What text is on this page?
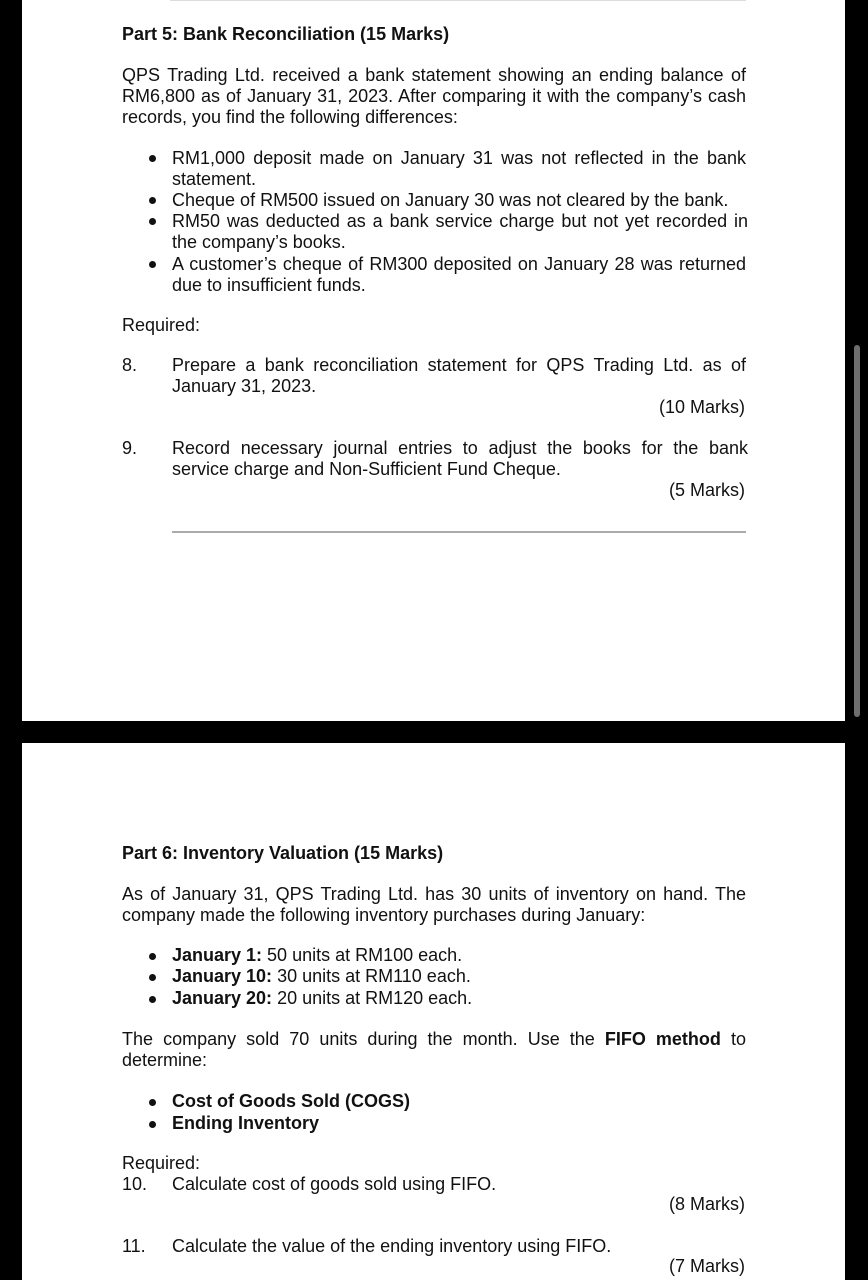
Part 5: Bank Reconciliation (15 Marks)
QPS Trading Ltd. received a bank statement showing an ending balance of RM6,800 as of January 31, 2023. After comparing it with the company’s cash records, you find the following differences:
RM1,000 deposit made on January 31 was not reflected in the bank statement.
Cheque of RM500 issued on January 30 was not cleared by the bank.
RM50 was deducted as a bank service charge but not yet recorded in the company’s books.
A customer’s cheque of RM300 deposited on January 28 was returned due to insufficient funds.
Required:
8. Prepare a bank reconciliation statement for QPS Trading Ltd. as of January 31, 2023.
(10 Marks)
9. Record necessary journal entries to adjust the books for the bank service charge and Non-Sufficient Fund Cheque.
(5 Marks)
Part 6: Inventory Valuation (15 Marks)
As of January 31, QPS Trading Ltd. has 30 units of inventory on hand. The company made the following inventory purchases during January:
January 1: 50 units at RM100 each.
January 10: 30 units at RM110 each.
January 20: 20 units at RM120 each.
The company sold 70 units during the month. Use the FIFO method to
determine:
Cost of Goods Sold (COGS)
Ending Inventory
Required:
10. Calculate cost of goods sold using FIFO.
(8 Marks)
11. Calculate the value of the ending inventory using FIFO.
(7 Marks)
